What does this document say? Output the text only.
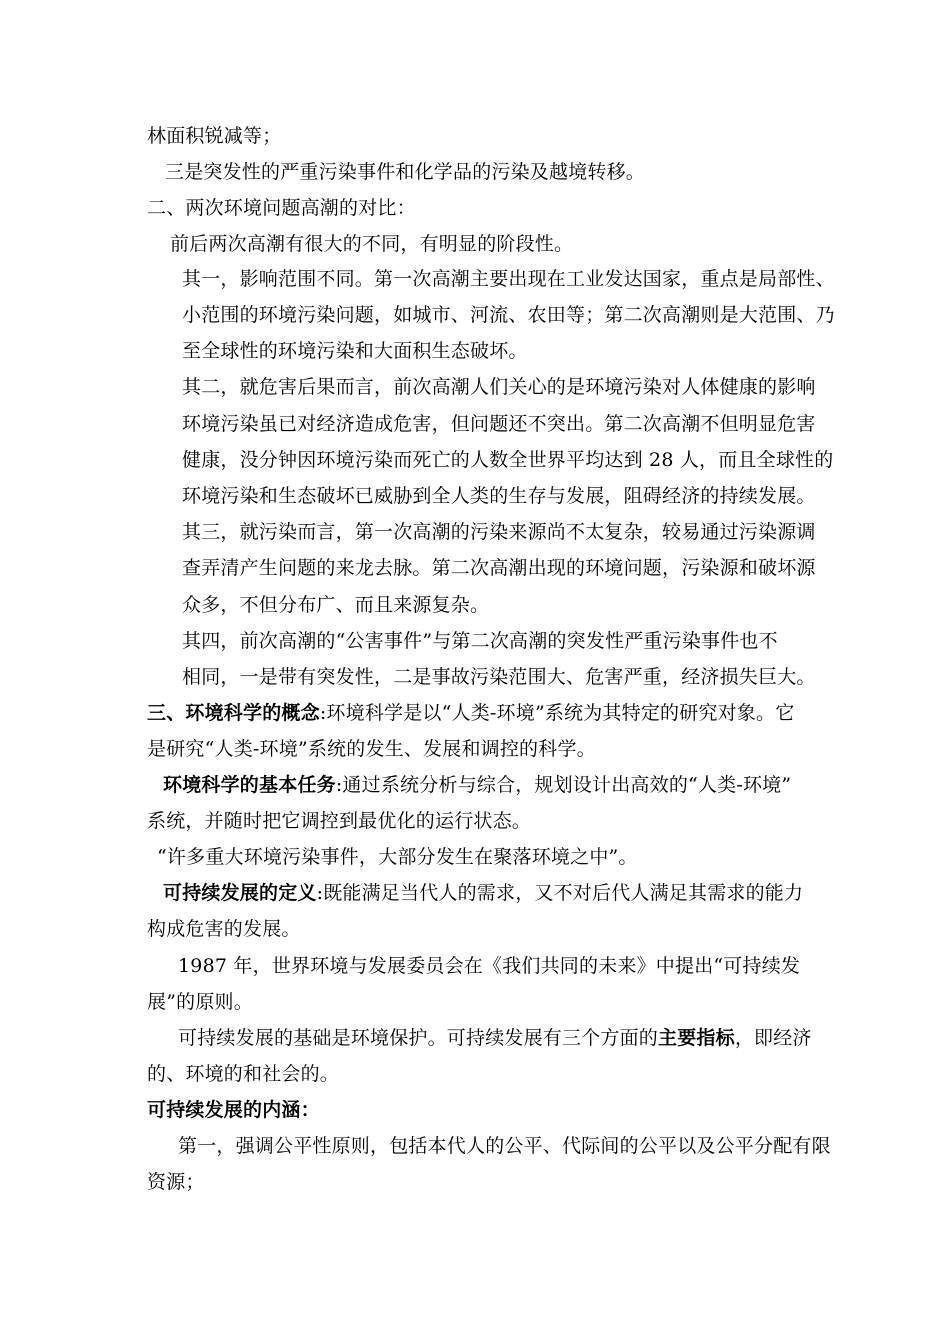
林面积锐减等；
三是突发性的严重污染事件和化学品的污染及越境转移。
二、两次环境问题高潮的对比：
前后两次高潮有很大的不同，有明显的阶段性。
其一，影响范围不同。第一次高潮主要出现在工业发达国家，重点是局部性、
小范围的环境污染问题，如城市、河流、农田等；第二次高潮则是大范围、乃
至全球性的环境污染和大面积生态破坏。
其二，就危害后果而言，前次高潮人们关心的是环境污染对人体健康的影响
环境污染虽已对经济造成危害，但问题还不突出。第二次高潮不但明显危害
健康，没分钟因环境污染而死亡的人数全世界平均达到 28 人，而且全球性的
环境污染和生态破坏已威胁到全人类的生存与发展，阻碍经济的持续发展。
其三，就污染而言，第一次高潮的污染来源尚不太复杂，较易通过污染源调
查弄清产生问题的来龙去脉。第二次高潮出现的环境问题，污染源和破坏源
众多，不但分布广、而且来源复杂。
其四，前次高潮的“公害事件”与第二次高潮的突发性严重污染事件也不
相同，一是带有突发性，二是事故污染范围大、危害严重，经济损失巨大。
三、环境科学的概念:环境科学是以“人类-环境”系统为其特定的研究对象。它
是研究“人类-环境”系统的发生、发展和调控的科学。
环境科学的基本任务:通过系统分析与综合，规划设计出高效的“人类-环境”
系统，并随时把它调控到最优化的运行状态。
“许多重大环境污染事件，大部分发生在聚落环境之中”。
可持续发展的定义:既能满足当代人的需求，又不对后代人满足其需求的能力
构成危害的发展。
1987 年，世界环境与发展委员会在《我们共同的未来》中提出“可持续发
展”的原则。
可持续发展的基础是环境保护。可持续发展有三个方面的主要指标，即经济
的、环境的和社会的。
可持续发展的内涵：
第一，强调公平性原则，包括本代人的公平、代际间的公平以及公平分配有限
资源；
